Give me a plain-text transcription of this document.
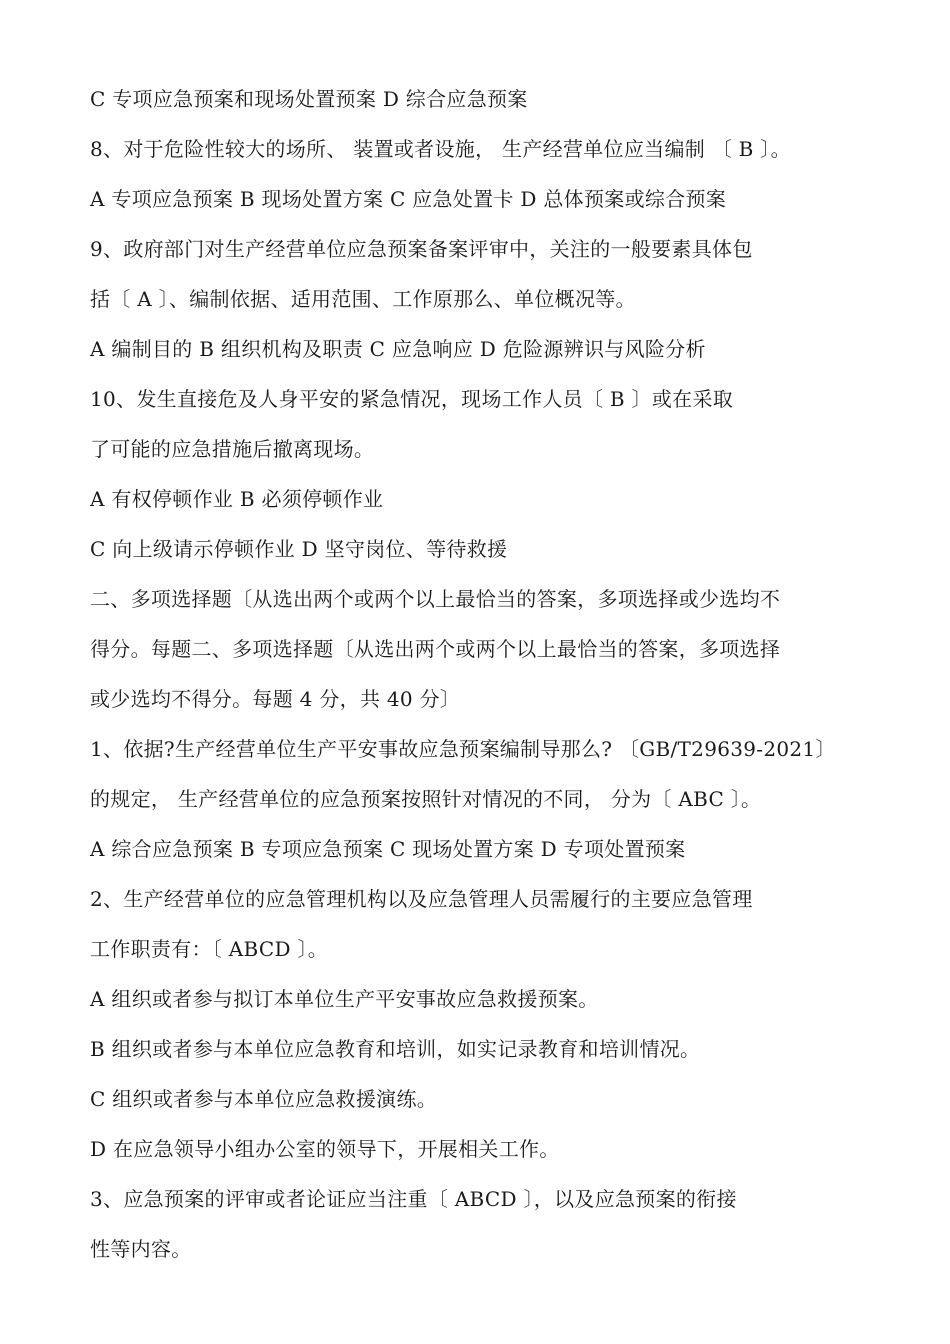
C 专项应急预案和现场处置预案 D 综合应急预案
8、对于危险性较大的场所、 装置或者设施， 生产经营单位应当编制 〔 B 〕。
A 专项应急预案 B 现场处置方案 C 应急处置卡 D 总体预案或综合预案
9、政府部门对生产经营单位应急预案备案评审中，关注的一般要素具体包
括〔 A 〕、编制依据、适用范围、工作原那么、单位概况等。
A 编制目的 B 组织机构及职责 C 应急响应 D 危险源辨识与风险分析
10、发生直接危及人身平安的紧急情况，现场工作人员〔 B 〕或在采取
了可能的应急措施后撤离现场。
A 有权停顿作业 B 必须停顿作业
C 向上级请示停顿作业 D 坚守岗位、等待救援
二、多项选择题〔从选出两个或两个以上最恰当的答案，多项选择或少选均不
得分。每题二、多项选择题〔从选出两个或两个以上最恰当的答案，多项选择
或少选均不得分。每题 4 分，共 40 分〕
1、依据?生产经营单位生产平安事故应急预案编制导那么? 〔GB/T29639-2021〕
的规定， 生产经营单位的应急预案按照针对情况的不同， 分为〔 ABC 〕。
A 综合应急预案 B 专项应急预案 C 现场处置方案 D 专项处置预案
2、生产经营单位的应急管理机构以及应急管理人员需履行的主要应急管理
工作职责有：〔 ABCD 〕。
A 组织或者参与拟订本单位生产平安事故应急救援预案。
B 组织或者参与本单位应急教育和培训，如实记录教育和培训情况。
C 组织或者参与本单位应急救援演练。
D 在应急领导小组办公室的领导下，开展相关工作。
3、应急预案的评审或者论证应当注重〔 ABCD 〕，以及应急预案的衔接
性等内容。
